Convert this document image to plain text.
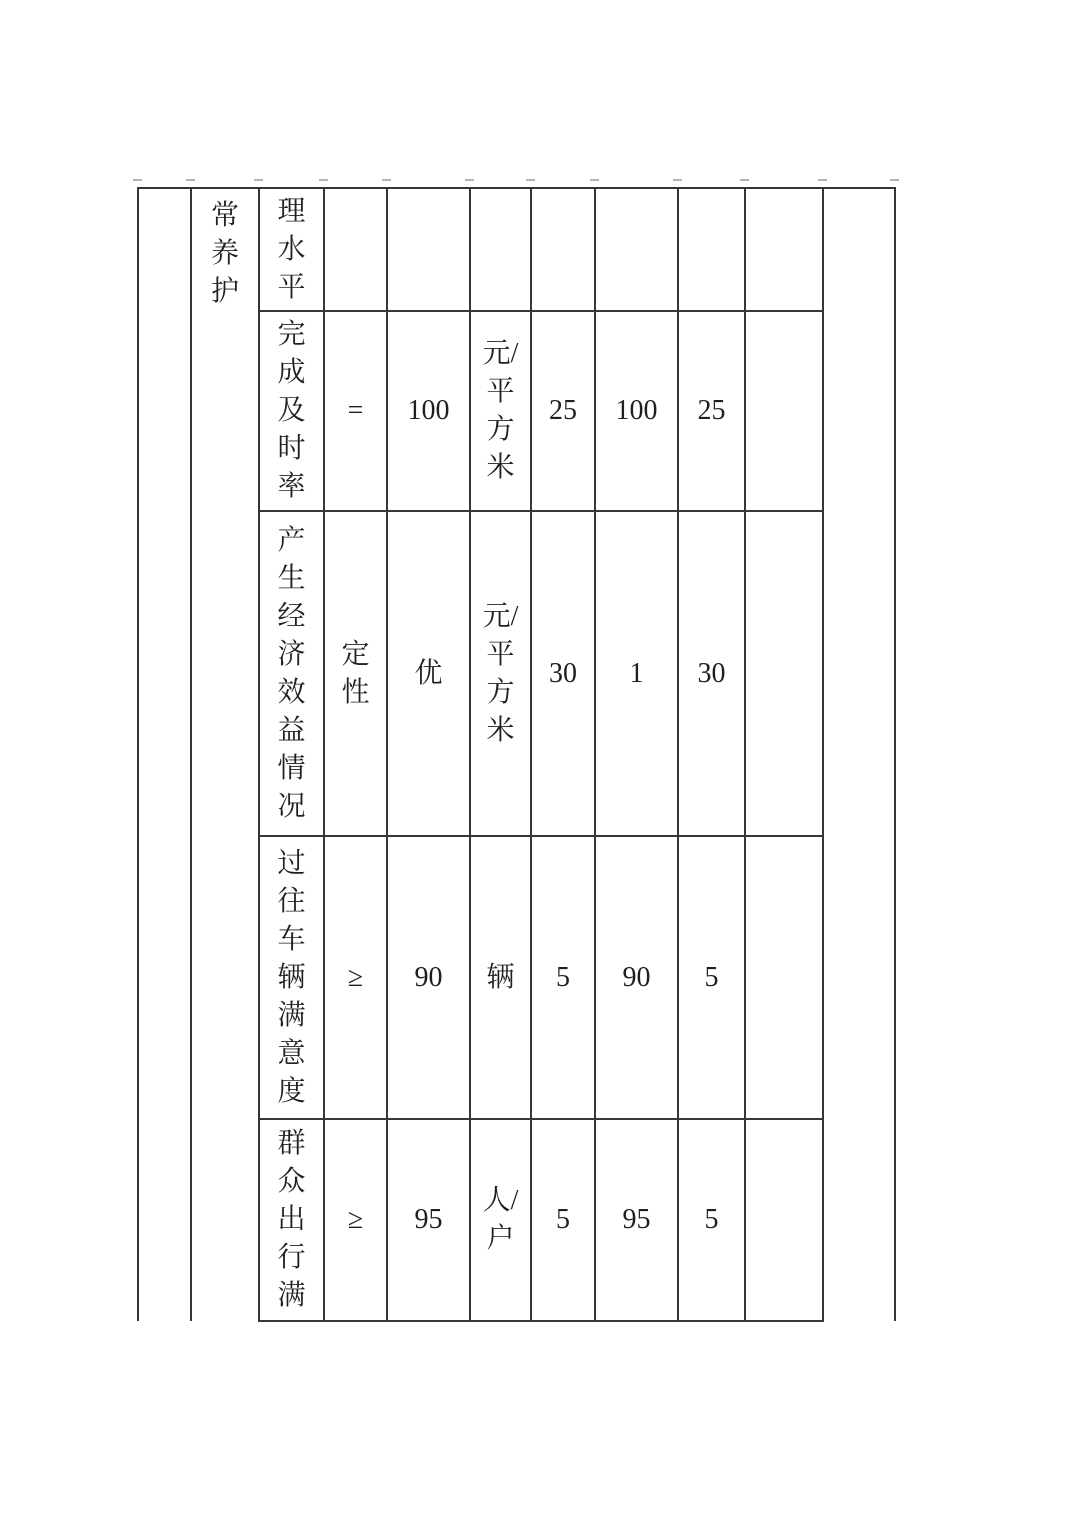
	常养护	理水平								

		完成及时率	=	100	元/平方米	25	100	25		

		产生经济效益情况	定性	优	元/平方米	30	1	30		

		过往车辆满意度	≥	90	辆	5	90	5		

		群众出行满	≥	95	人/户	5	95	5		
